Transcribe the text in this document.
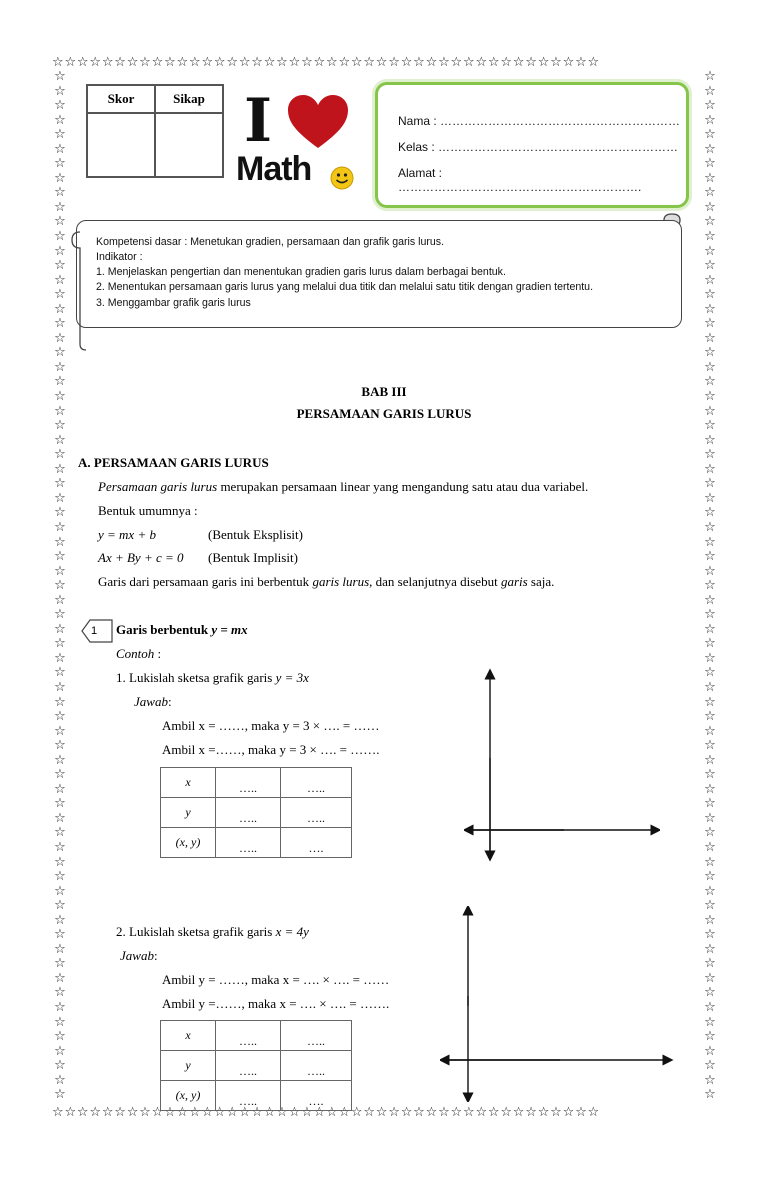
☆☆☆☆☆☆☆☆☆☆☆☆☆☆☆☆☆☆☆☆☆☆☆☆☆☆☆☆☆☆☆☆☆☆☆☆☆☆☆☆☆☆☆☆
☆☆☆☆☆☆☆☆☆☆☆☆☆☆☆☆☆☆☆☆☆☆☆☆☆☆☆☆☆☆☆☆☆☆☆☆☆☆☆☆☆☆☆☆
☆
☆
☆
☆
☆
☆
☆
☆
☆
☆
☆
☆
☆
☆
☆
☆
☆
☆
☆
☆
☆
☆
☆
☆
☆
☆
☆
☆
☆
☆
☆
☆
☆
☆
☆
☆
☆
☆
☆
☆
☆
☆
☆
☆
☆
☆
☆
☆
☆
☆
☆
☆
☆
☆
☆
☆
☆
☆
☆
☆
☆
☆
☆
☆
☆
☆
☆
☆
☆
☆
☆
☆
☆
☆
☆
☆
☆
☆
☆
☆
☆
☆
☆
☆
☆
☆
☆
☆
☆
☆
☆
☆
☆
☆
☆
☆
☆
☆
☆
☆
☆
☆
☆
☆
☆
☆
☆
☆
☆
☆
☆
☆
☆
☆
☆
☆
☆
☆
☆
☆
☆
☆
☆
☆
☆
☆
☆
☆
☆
☆
☆
☆
☆
☆
☆
☆
☆
☆
☆
☆
☆
☆
Skor	Sikap
	I
Math
Nama : ……………………………………………………
Kelas : ……………………………………………………
Alamat : …………………………………………………….
Kompetensi dasar : Menetukan gradien, persamaan dan grafik garis lurus.
Indikator :
1. Menjelaskan pengertian dan menentukan gradien garis lurus dalam berbagai bentuk.
2. Menentukan persamaan garis lurus yang melalui dua titik dan melalui satu titik dengan gradien tertentu.
3. Menggambar grafik garis lurus
BAB III
PERSAMAAN GARIS LURUS
A. PERSAMAAN GARIS LURUS
Persamaan garis lurus merupakan persamaan linear yang mengandung satu atau dua variabel.
Bentuk umumnya :
y = mx + b	(Bentuk Eksplisit)
Ax + By + c = 0 (Bentuk Implisit)
Garis dari persamaan garis ini berbentuk garis lurus, dan selanjutnya disebut garis saja.
1 Garis berbentuk y = mx
Contoh :
1. Lukislah sketsa grafik garis y = 3x
Jawab:
Ambil x = ……, maka y = 3 × …. = ……
Ambil x =……, maka y = 3 × …. = …….
x	…..	…..
y	…..	…..
(x, y)	…..	….
2. Lukislah sketsa grafik garis x = 4y
Jawab:
Ambil y = ……, maka x = …. × …. = ……
Ambil y =……, maka x = …. × …. = …….
x	…..	…..
y	…..	…..
(x, y)	…..	….
